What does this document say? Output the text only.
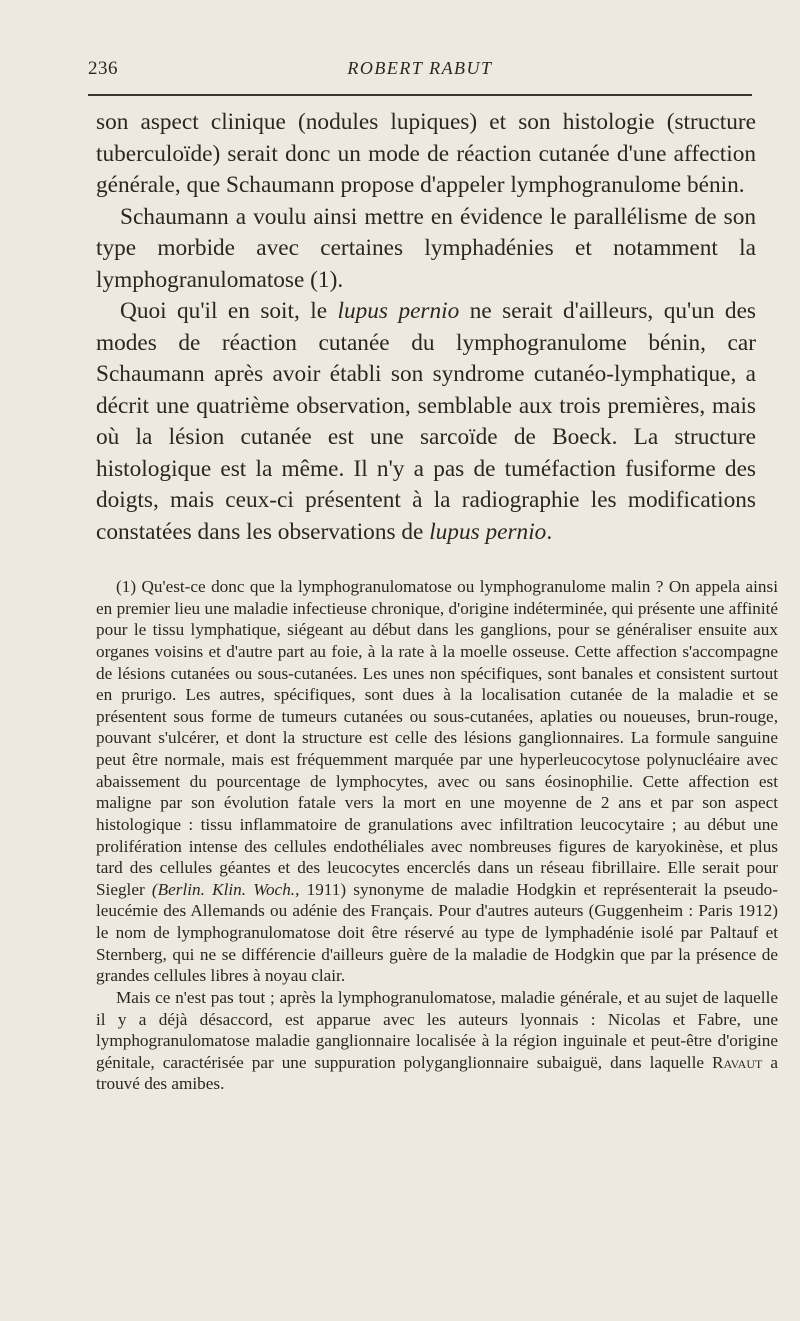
236	ROBERT RABUT

son aspect clinique (nodules lupiques) et son histologie (structure tuberculoïde) serait donc un mode de réaction cutanée d'une affection générale, que Schaumann propose d'appeler lymphogranulome bénin.

Schaumann a voulu ainsi mettre en évidence le parallélisme de son type morbide avec certaines lymphadénies et notamment la lymphogranulomatose (1).

Quoi qu'il en soit, le lupus pernio ne serait d'ailleurs, qu'un des modes de réaction cutanée du lymphogranulome bénin, car Schaumann après avoir établi son syndrome cutanéo-lymphatique, a décrit une quatrième observation, semblable aux trois premières, mais où la lésion cutanée est une sarcoïde de Boeck. La structure histologique est la même. Il n'y a pas de tuméfaction fusiforme des doigts, mais ceux-ci présentent à la radiographie les modifications constatées dans les observations de lupus pernio.

(1) Qu'est-ce donc que la lymphogranulomatose ou lymphogranulome malin ? On appela ainsi en premier lieu une maladie infectieuse chronique, d'origine indéterminée, qui présente une affinité pour le tissu lymphatique, siégeant au début dans les ganglions, pour se généraliser ensuite aux organes voisins et d'autre part au foie, à la rate à la moelle osseuse. Cette affection s'accompagne de lésions cutanées ou sous-cutanées. Les unes non spécifiques, sont banales et consistent surtout en prurigo. Les autres, spécifiques, sont dues à la localisation cutanée de la maladie et se présentent sous forme de tumeurs cutanées ou sous-cutanées, aplaties ou noueuses, brun-rouge, pouvant s'ulcérer, et dont la structure est celle des lésions ganglionnaires. La formule sanguine peut être normale, mais est fréquemment marquée par une hyperleucocytose polynucléaire avec abaissement du pourcentage de lymphocytes, avec ou sans éosinophilie. Cette affection est maligne par son évolution fatale vers la mort en une moyenne de 2 ans et par son aspect histologique : tissu inflammatoire de granulations avec infiltration leucocytaire ; au début une prolifération intense des cellules endothéliales avec nombreuses figures de karyokinèse, et plus tard des cellules géantes et des leucocytes encerclés dans un réseau fibrillaire. Elle serait pour Siegler (Berlin. Klin. Woch., 1911) synonyme de maladie Hodgkin et représenterait la pseudo-leucémie des Allemands ou adénie des Français. Pour d'autres auteurs (Guggenheim : Paris 1912) le nom de lymphogranulomatose doit être réservé au type de lymphadénie isolé par Paltauf et Sternberg, qui ne se différencie d'ailleurs guère de la maladie de Hodgkin que par la présence de grandes cellules libres à noyau clair.

Mais ce n'est pas tout ; après la lymphogranulomatose, maladie générale, et au sujet de laquelle il y a déjà désaccord, est apparue avec les auteurs lyonnais : Nicolas et Fabre, une lymphogranulomatose maladie ganglionnaire localisée à la région inguinale et peut-être d'origine génitale, caractérisée par une suppuration polyganglionnaire subaiguë, dans laquelle Ravaut a trouvé des amibes.
